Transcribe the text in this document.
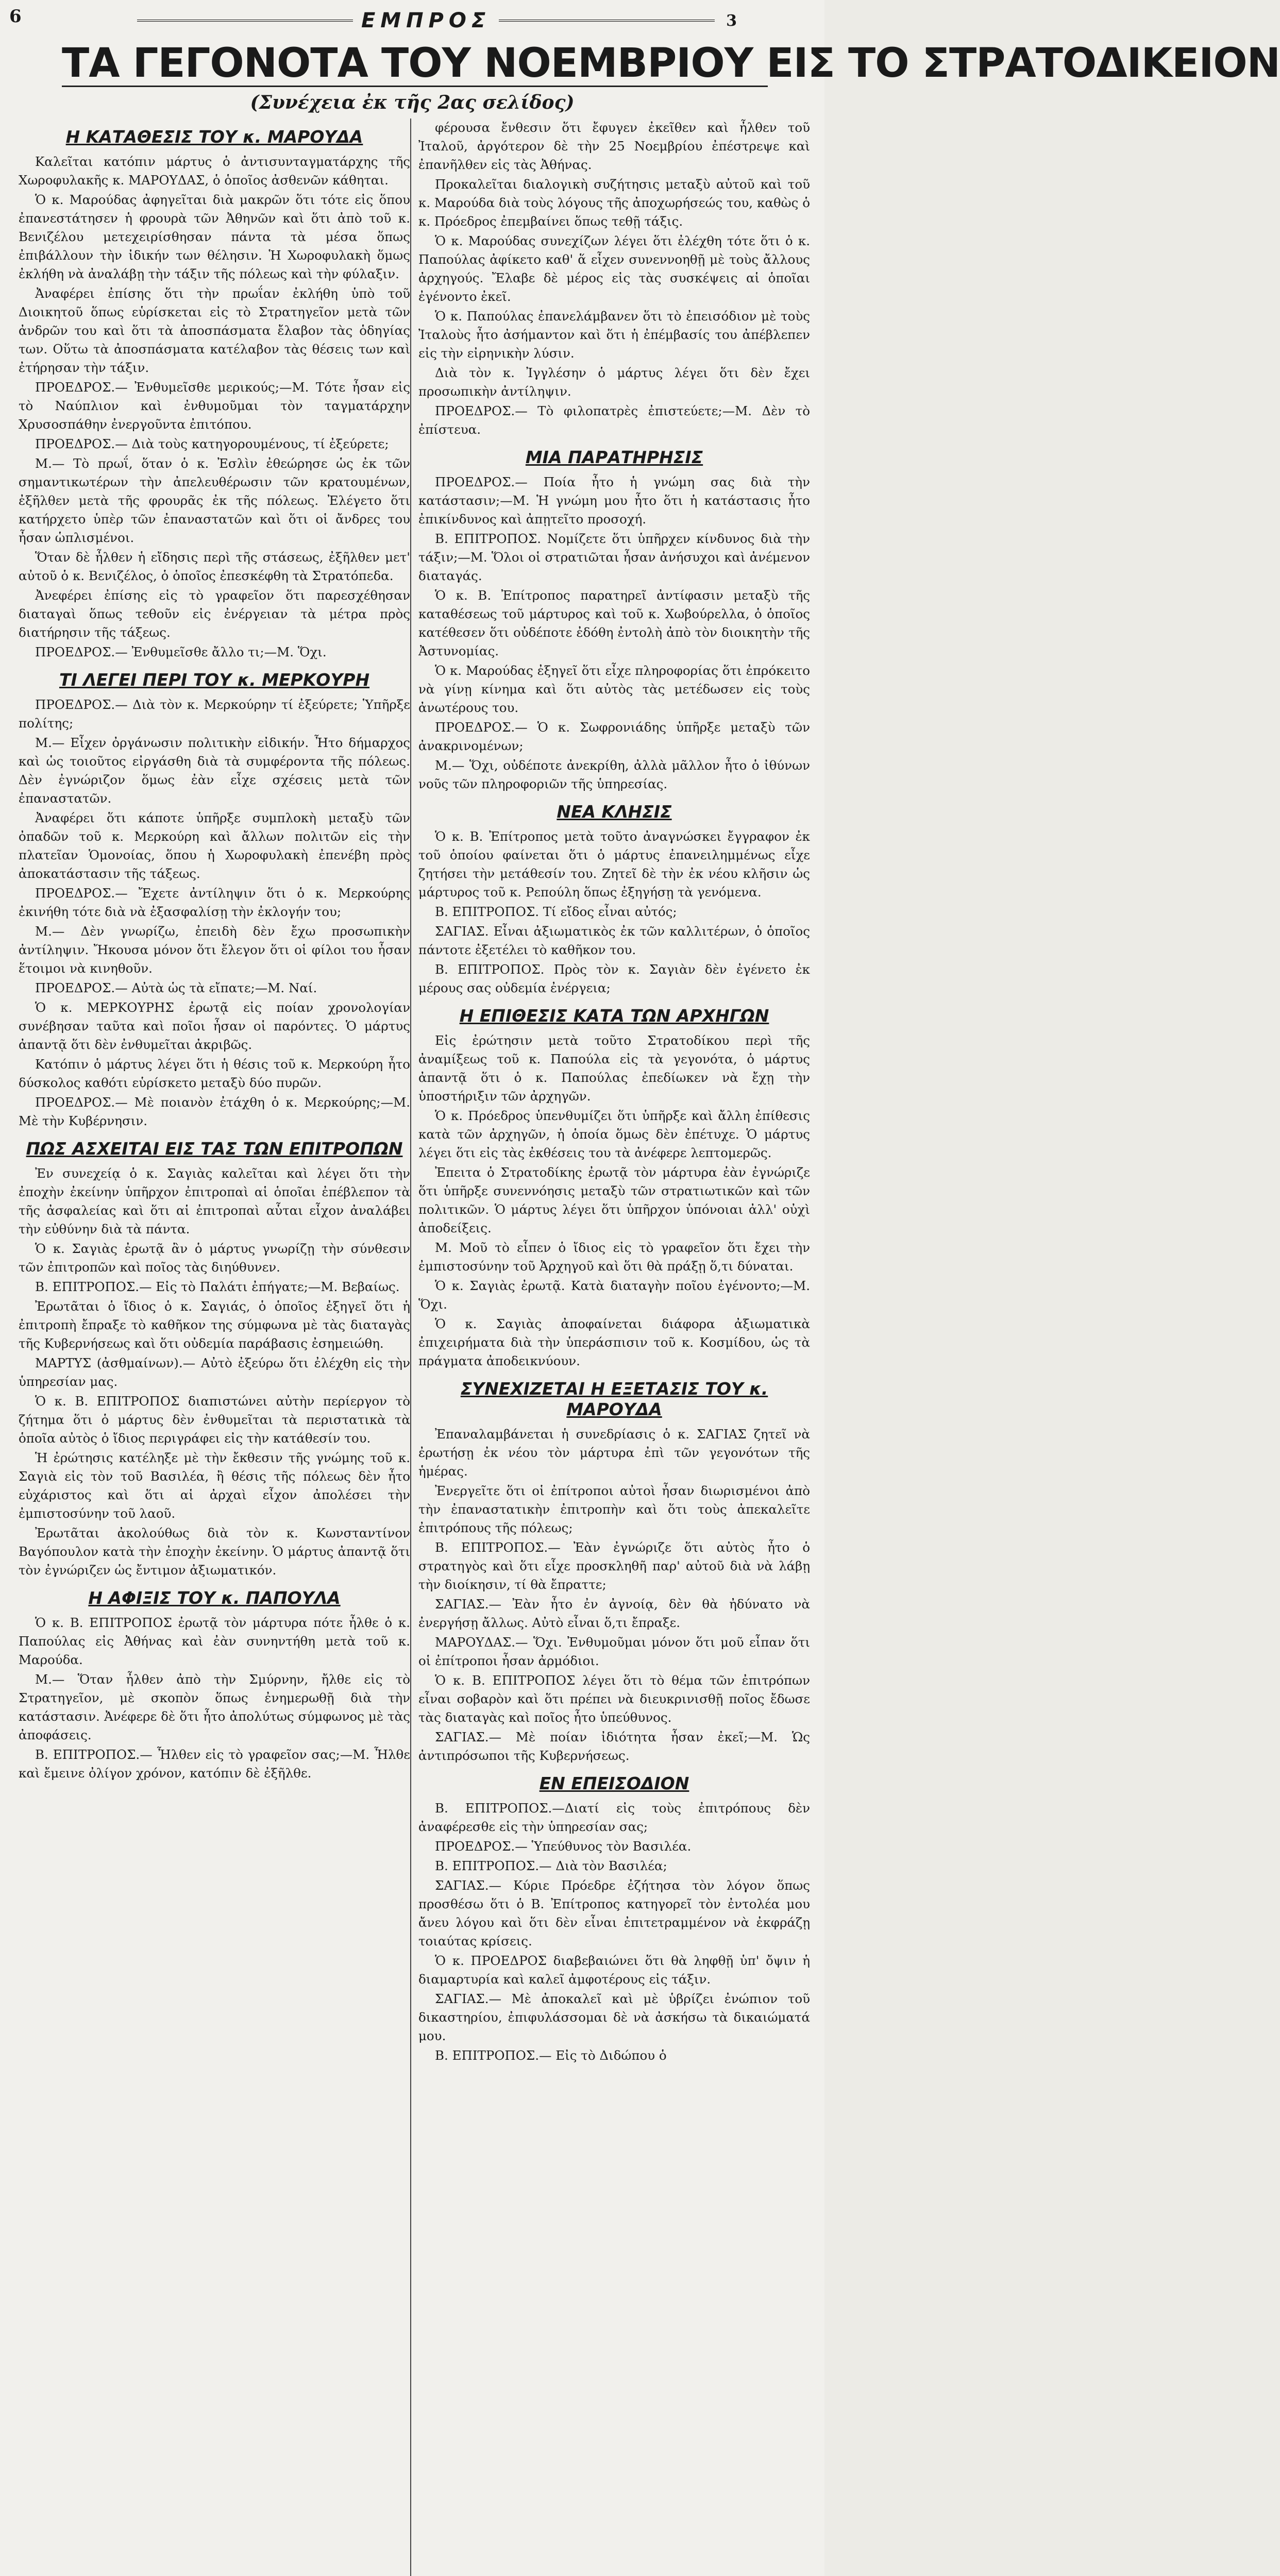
6	ΕΜΠΡΟΣ	3
ΤΑ ΓΕΓΟΝΟΤΑ ΤΟΥ ΝΟΕΜΒΡΙΟΥ ΕΙΣ ΤΟ ΣΤΡΑΤΟΔΙΚΕΙΟΝ
(Συνέχεια ἐκ τῆς 2ας σελίδος)
Η ΚΑΤΑΘΕΣΙΣ ΤΟΥ κ. ΜΑΡΟΥΔΑ

Καλεῖται κατόπιν μάρτυς ὁ ἀντισυνταγματάρχης τῆς Χωροφυλακῆς κ. ΜΑΡΟΥΔΑΣ, ὁ ὁποῖος ἀσθενῶν κάθηται.

Ὁ κ. Μαρούδας ἀφηγεῖται διὰ μακρῶν ὅτι τότε εἰς ὅπου ἐπανεστάτησεν ἡ φρουρὰ τῶν Ἀθηνῶν καὶ ὅτι ἀπὸ τοῦ κ. Βενιζέλου μετεχειρίσθησαν πάντα τὰ μέσα ὅπως ἐπιβάλλουν τὴν ἰδικήν των θέλησιν. Ἡ Χωροφυλακὴ ὅμως ἐκλήθη νὰ ἀναλάβῃ τὴν τάξιν τῆς πόλεως καὶ τὴν φύλαξιν.

Ἀναφέρει ἐπίσης ὅτι τὴν πρωΐαν ἐκλήθη ὑπὸ τοῦ Διοικητοῦ ὅπως εὑρίσκεται εἰς τὸ Στρατηγεῖον μετὰ τῶν ἀνδρῶν του καὶ ὅτι τὰ ἀποσπάσματα ἔλαβον τὰς ὁδηγίας των. Οὕτω τὰ ἀποσπάσματα κατέλαβον τὰς θέσεις των καὶ ἐτήρησαν τὴν τάξιν.

ΠΡΟΕΔΡΟΣ.— Ἐνθυμεῖσθε μερικούς;—Μ. Τότε ἦσαν εἰς τὸ Ναύπλιον καὶ ἐνθυμοῦμαι τὸν ταγματάρχην Χρυσοσπάθην ἐνεργοῦντα ἐπιτόπου.

ΠΡΟΕΔΡΟΣ.— Διὰ τοὺς κατηγορουμένους, τί ἐξεύρετε;

Μ.— Τὸ πρωΐ, ὅταν ὁ κ. Ἐσλὶν ἐθεώρησε ὡς ἐκ τῶν σημαντικωτέρων τὴν ἀπελευθέρωσιν τῶν κρατουμένων, ἐξῆλθεν μετὰ τῆς φρουρᾶς ἐκ τῆς πόλεως. Ἐλέγετο ὅτι κατήρχετο ὑπὲρ τῶν ἐπαναστατῶν καὶ ὅτι οἱ ἄνδρες του ἦσαν ὡπλισμένοι.

Ὅταν δὲ ἦλθεν ἡ εἴδησις περὶ τῆς στάσεως, ἐξῆλθεν μετ' αὐτοῦ ὁ κ. Βενιζέλος, ὁ ὁποῖος ἐπεσκέφθη τὰ Στρατόπεδα.

Ἀνεφέρει ἐπίσης εἰς τὸ γραφεῖον ὅτι παρεσχέθησαν διαταγαὶ ὅπως τεθοῦν εἰς ἐνέργειαν τὰ μέτρα πρὸς διατήρησιν τῆς τάξεως.

ΠΡΟΕΔΡΟΣ.— Ἐνθυμεῖσθε ἄλλο τι;—Μ. Ὅχι.

ΤΙ ΛΕΓΕΙ ΠΕΡΙ ΤΟΥ κ. ΜΕΡΚΟΥΡΗ

ΠΡΟΕΔΡΟΣ.— Διὰ τὸν κ. Μερκούρην τί ἐξεύρετε; Ὑπῆρξε πολίτης;

Μ.— Εἶχεν ὀργάνωσιν πολιτικὴν εἰδικήν. Ἦτο δήμαρχος καὶ ὡς τοιοῦτος εἰργάσθη διὰ τὰ συμφέροντα τῆς πόλεως. Δὲν ἐγνώριζον ὅμως ἐὰν εἶχε σχέσεις μετὰ τῶν ἐπαναστατῶν.

Ἀναφέρει ὅτι κάποτε ὑπῆρξε συμπλοκὴ μεταξὺ τῶν ὀπαδῶν τοῦ κ. Μερκούρη καὶ ἄλλων πολιτῶν εἰς τὴν πλατεῖαν Ὁμονοίας, ὅπου ἡ Χωροφυλακὴ ἐπενέβη πρὸς ἀποκατάστασιν τῆς τάξεως.

ΠΡΟΕΔΡΟΣ.— Ἔχετε ἀντίληψιν ὅτι ὁ κ. Μερκούρης ἐκινήθη τότε διὰ νὰ ἐξασφαλίσῃ τὴν ἐκλογήν του;

Μ.— Δὲν γνωρίζω, ἐπειδὴ δὲν ἔχω προσωπικὴν ἀντίληψιν. Ἤκουσα μόνον ὅτι ἔλεγον ὅτι οἱ φίλοι του ἦσαν ἕτοιμοι νὰ κινηθοῦν.

ΠΡΟΕΔΡΟΣ.— Αὐτὰ ὡς τὰ εἴπατε;—Μ. Ναί.

Ὁ κ. ΜΕΡΚΟΥΡΗΣ ἐρωτᾷ εἰς ποίαν χρονολογίαν συνέβησαν ταῦτα καὶ ποῖοι ἦσαν οἱ παρόντες. Ὁ μάρτυς ἀπαντᾷ ὅτι δὲν ἐνθυμεῖται ἀκριβῶς.

Κατόπιν ὁ μάρτυς λέγει ὅτι ἡ θέσις τοῦ κ. Μερκούρη ἦτο δύσκολος καθότι εὑρίσκετο μεταξὺ δύο πυρῶν.

ΠΡΟΕΔΡΟΣ.— Μὲ ποιανὸν ἐτάχθη ὁ κ. Μερκούρης;—Μ. Μὲ τὴν Κυβέρνησιν.

ΠΩΣ ΑΣΧΕΙΤΑΙ ΕΙΣ ΤΑΣ ΤΩΝ ΕΠΙΤΡΟΠΩΝ

Ἐν συνεχείᾳ ὁ κ. Σαγιὰς καλεῖται καὶ λέγει ὅτι τὴν ἐποχὴν ἐκείνην ὑπῆρχον ἐπιτροπαὶ αἱ ὁποῖαι ἐπέβλεπον τὰ τῆς ἀσφαλείας καὶ ὅτι αἱ ἐπιτροπαὶ αὗται εἶχον ἀναλάβει τὴν εὐθύνην διὰ τὰ πάντα.

Ὁ κ. Σαγιὰς ἐρωτᾷ ἂν ὁ μάρτυς γνωρίζῃ τὴν σύνθεσιν τῶν ἐπιτροπῶν καὶ ποῖος τὰς διηύθυνεν.

Β. ΕΠΙΤΡΟΠΟΣ.— Εἰς τὸ Παλάτι ἐπήγατε;—Μ. Βεβαίως.

Ἐρωτᾶται ὁ ἴδιος ὁ κ. Σαγιάς, ὁ ὁποῖος ἐξηγεῖ ὅτι ἡ ἐπιτροπὴ ἔπραξε τὸ καθῆκον της σύμφωνα μὲ τὰς διαταγὰς τῆς Κυβερνήσεως καὶ ὅτι οὐδεμία παράβασις ἐσημειώθη.

ΜΑΡΤΥΣ (ἀσθμαίνων).— Αὐτὸ ἐξεύρω ὅτι ἐλέχθη εἰς τὴν ὑπηρεσίαν μας.

Ὁ κ. Β. ΕΠΙΤΡΟΠΟΣ διαπιστώνει αὐτὴν περίεργον τὸ ζήτημα ὅτι ὁ μάρτυς δὲν ἐνθυμεῖται τὰ περιστατικὰ τὰ ὁποῖα αὐτὸς ὁ ἴδιος περιγράφει εἰς τὴν κατάθεσίν του.

Ἡ ἐρώτησις κατέληξε μὲ τὴν ἔκθεσιν τῆς γνώμης τοῦ κ. Σαγιὰ εἰς τὸν τοῦ Βασιλέα, ἢ θέσις τῆς πόλεως δὲν ἦτο εὐχάριστος καὶ ὅτι αἱ ἀρχαὶ εἶχον ἀπολέσει τὴν ἐμπιστοσύνην τοῦ λαοῦ.

Ἐρωτᾶται ἀκολούθως διὰ τὸν κ. Κωνσταντίνον Βαγόπουλον κατὰ τὴν ἐποχὴν ἐκείνην. Ὁ μάρτυς ἀπαντᾷ ὅτι τὸν ἐγνώριζεν ὡς ἔντιμον ἀξιωματικόν.

Η ΑΦΙΞΙΣ ΤΟΥ κ. ΠΑΠΟΥΛΑ

Ὁ κ. Β. ΕΠΙΤΡΟΠΟΣ ἐρωτᾷ τὸν μάρτυρα πότε ἦλθε ὁ κ. Παπούλας εἰς Ἀθήνας καὶ ἐὰν συνηντήθη μετὰ τοῦ κ. Μαρούδα.

Μ.— Ὅταν ἦλθεν ἀπὸ τὴν Σμύρνην, ἤλθε εἰς τὸ Στρατηγεῖον, μὲ σκοπὸν ὅπως ἐνημερωθῇ διὰ τὴν κατάστασιν. Ἀνέφερε δὲ ὅτι ἦτο ἀπολύτως σύμφωνος μὲ τὰς ἀποφάσεις.

Β. ΕΠΙΤΡΟΠΟΣ.— Ἦλθεν εἰς τὸ γραφεῖον σας;—Μ. Ἦλθε καὶ ἔμεινε ὀλίγον χρόνον, κατόπιν δὲ ἐξῆλθε.

φέρουσα ἔνθεσιν ὅτι ἔφυγεν ἐκεῖθεν καὶ ἦλθεν τοῦ Ἰταλοῦ, ἀργότερον δὲ τὴν 25 Νοεμβρίου ἐπέστρεψε καὶ ἐπανῆλθεν εἰς τὰς Ἀθήνας.

Προκαλεῖται διαλογικὴ συζήτησις μεταξὺ αὐτοῦ καὶ τοῦ κ. Μαρούδα διὰ τοὺς λόγους τῆς ἀποχωρήσεώς του, καθὼς ὁ κ. Πρόεδρος ἐπεμβαίνει ὅπως τεθῇ τάξις.

Ὁ κ. Μαρούδας συνεχίζων λέγει ὅτι ἐλέχθη τότε ὅτι ὁ κ. Παπούλας ἀφίκετο καθ' ἅ εἶχεν συνεννοηθῇ μὲ τοὺς ἄλλους ἀρχηγούς. Ἔλαβε δὲ μέρος εἰς τὰς συσκέψεις αἱ ὁποῖαι ἐγένοντο ἐκεῖ.

Ὁ κ. Παπούλας ἐπανελάμβανεν ὅτι τὸ ἐπεισόδιον μὲ τοὺς Ἰταλοὺς ἦτο ἀσήμαντον καὶ ὅτι ἡ ἐπέμβασίς του ἀπέβλεπεν εἰς τὴν εἰρηνικὴν λύσιν.

Διὰ τὸν κ. Ἰγγλέσην ὁ μάρτυς λέγει ὅτι δὲν ἔχει προσωπικὴν ἀντίληψιν.

ΠΡΟΕΔΡΟΣ.— Τὸ φιλοπατρὲς ἐπιστεύετε;—Μ. Δὲν τὸ ἐπίστευα.

ΜΙΑ ΠΑΡΑΤΗΡΗΣΙΣ

ΠΡΟΕΔΡΟΣ.— Ποία ἦτο ἡ γνώμη σας διὰ τὴν κατάστασιν;—Μ. Ἡ γνώμη μου ἦτο ὅτι ἡ κατάστασις ἦτο ἐπικίνδυνος καὶ ἀπῃτεῖτο προσοχή.

Β. ΕΠΙΤΡΟΠΟΣ. Νομίζετε ὅτι ὑπῆρχεν κίνδυνος διὰ τὴν τάξιν;—Μ. Ὅλοι οἱ στρατιῶται ἦσαν ἀνήσυχοι καὶ ἀνέμενον διαταγάς.

Ὁ κ. Β. Ἐπίτροπος παρατηρεῖ ἀντίφασιν μεταξὺ τῆς καταθέσεως τοῦ μάρτυρος καὶ τοῦ κ. Χωβούρελλα, ὁ ὁποῖος κατέθεσεν ὅτι οὐδέποτε ἐδόθη ἐντολὴ ἀπὸ τὸν διοικητὴν τῆς Ἀστυνομίας.

Ὁ κ. Μαρούδας ἐξηγεῖ ὅτι εἶχε πληροφορίας ὅτι ἐπρόκειτο νὰ γίνῃ κίνημα καὶ ὅτι αὐτὸς τὰς μετέδωσεν εἰς τοὺς ἀνωτέρους του.

ΠΡΟΕΔΡΟΣ.— Ὁ κ. Σωφρονιάδης ὑπῆρξε μεταξὺ τῶν ἀνακρινομένων;

Μ.— Ὅχι, οὐδέποτε ἀνεκρίθη, ἀλλὰ μᾶλλον ἦτο ὁ ἰθύνων νοῦς τῶν πληροφοριῶν τῆς ὑπηρεσίας.

ΝΕΑ ΚΛΗΣΙΣ

Ὁ κ. Β. Ἐπίτροπος μετὰ τοῦτο ἀναγνώσκει ἔγγραφον ἐκ τοῦ ὁποίου φαίνεται ὅτι ὁ μάρτυς ἐπανειλημμένως εἶχε ζητήσει τὴν μετάθεσίν του. Ζητεῖ δὲ τὴν ἐκ νέου κλῆσιν ὡς μάρτυρος τοῦ κ. Ρεπούλη ὅπως ἐξηγήσῃ τὰ γενόμενα.

Β. ΕΠΙΤΡΟΠΟΣ. Τί εἴδος εἶναι αὐτός;

ΣΑΓΙΑΣ. Εἶναι ἀξιωματικὸς ἐκ τῶν καλλιτέρων, ὁ ὁποῖος πάντοτε ἐξετέλει τὸ καθῆκον του.

Β. ΕΠΙΤΡΟΠΟΣ. Πρὸς τὸν κ. Σαγιὰν δὲν ἐγένετο ἐκ μέρους σας οὐδεμία ἐνέργεια;

Η ΕΠΙΘΕΣΙΣ ΚΑΤΑ ΤΩΝ ΑΡΧΗΓΩΝ

Εἰς ἐρώτησιν μετὰ τοῦτο Στρατοδίκου περὶ τῆς ἀναμίξεως τοῦ κ. Παπούλα εἰς τὰ γεγονότα, ὁ μάρτυς ἀπαντᾷ ὅτι ὁ κ. Παπούλας ἐπεδίωκεν νὰ ἔχῃ τὴν ὑποστήριξιν τῶν ἀρχηγῶν.

Ὁ κ. Πρόεδρος ὑπενθυμίζει ὅτι ὑπῆρξε καὶ ἄλλη ἐπίθεσις κατὰ τῶν ἀρχηγῶν, ἡ ὁποία ὅμως δὲν ἐπέτυχε. Ὁ μάρτυς λέγει ὅτι εἰς τὰς ἐκθέσεις του τὰ ἀνέφερε λεπτομερῶς.

Ἐπειτα ὁ Στρατοδίκης ἐρωτᾷ τὸν μάρτυρα ἐὰν ἐγνώριζε ὅτι ὑπῆρξε συνεννόησις μεταξὺ τῶν στρατιωτικῶν καὶ τῶν πολιτικῶν. Ὁ μάρτυς λέγει ὅτι ὑπῆρχον ὑπόνοιαι ἀλλ' οὐχὶ ἀποδείξεις.

Μ. Μοῦ τὸ εἶπεν ὁ ἴδιος εἰς τὸ γραφεῖον ὅτι ἔχει τὴν ἐμπιστοσύνην τοῦ Ἀρχηγοῦ καὶ ὅτι θὰ πράξῃ ὅ,τι δύναται.

Ὁ κ. Σαγιὰς ἐρωτᾷ. Κατὰ διαταγὴν ποῖου ἐγένοντο;—Μ. Ὅχι.

Ὁ κ. Σαγιὰς ἀποφαίνεται διάφορα ἀξιωματικὰ ἐπιχειρήματα διὰ τὴν ὑπεράσπισιν τοῦ κ. Κοσμίδου, ὡς τὰ πράγματα ἀποδεικνύουν.

ΣΥΝΕΧΙΖΕΤΑΙ Η ΕΞΕΤΑΣΙΣ ΤΟΥ κ. ΜΑΡΟΥΔΑ

Ἐπαναλαμβάνεται ἡ συνεδρίασις ὁ κ. ΣΑΓΙΑΣ ζητεῖ νὰ ἐρωτήσῃ ἐκ νέου τὸν μάρτυρα ἐπὶ τῶν γεγονότων τῆς ἡμέρας.

Ἐνεργεῖτε ὅτι οἱ ἐπίτροποι αὐτοὶ ἦσαν διωρισμένοι ἀπὸ τὴν ἐπαναστατικὴν ἐπιτροπὴν καὶ ὅτι τοὺς ἀπεκαλεῖτε ἐπιτρόπους τῆς πόλεως;

Β. ΕΠΙΤΡΟΠΟΣ.— Ἐὰν ἐγνώριζε ὅτι αὐτὸς ἦτο ὁ στρατηγὸς καὶ ὅτι εἶχε προσκληθῆ παρ' αὐτοῦ διὰ νὰ λάβῃ τὴν διοίκησιν, τί θὰ ἔπραττε;

ΣΑΓΙΑΣ.— Ἐὰν ἦτο ἐν ἀγνοίᾳ, δὲν θὰ ἠδύνατο νὰ ἐνεργήσῃ ἄλλως. Αὐτὸ εἶναι ὅ,τι ἔπραξε.

ΜΑΡΟΥΔΑΣ.— Ὅχι. Ἐνθυμοῦμαι μόνον ὅτι μοῦ εἶπαν ὅτι οἱ ἐπίτροποι ἦσαν ἀρμόδιοι.

Ὁ κ. Β. ΕΠΙΤΡΟΠΟΣ λέγει ὅτι τὸ θέμα τῶν ἐπιτρόπων εἶναι σοβαρὸν καὶ ὅτι πρέπει νὰ διευκρινισθῇ ποῖος ἔδωσε τὰς διαταγὰς καὶ ποῖος ἦτο ὑπεύθυνος.

ΣΑΓΙΑΣ.— Μὲ ποίαν ἰδιότητα ἦσαν ἐκεῖ;—Μ. Ὡς ἀντιπρόσωποι τῆς Κυβερνήσεως.

ΕΝ ΕΠΕΙΣΟΔΙΟΝ

Β. ΕΠΙΤΡΟΠΟΣ.—Διατί εἰς τοὺς ἐπιτρόπους δὲν ἀναφέρεσθε εἰς τὴν ὑπηρεσίαν σας;

ΠΡΟΕΔΡΟΣ.— Ὑπεύθυνος τὸν Βασιλέα.

Β. ΕΠΙΤΡΟΠΟΣ.— Διὰ τὸν Βασιλέα;

ΣΑΓΙΑΣ.— Κύριε Πρόεδρε ἐζήτησα τὸν λόγον ὅπως προσθέσω ὅτι ὁ Β. Ἐπίτροπος κατηγορεῖ τὸν ἐντολέα μου ἄνευ λόγου καὶ ὅτι δὲν εἶναι ἐπιτετραμμένον νὰ ἐκφράζῃ τοιαύτας κρίσεις.

Ὁ κ. ΠΡΟΕΔΡΟΣ διαβεβαιώνει ὅτι θὰ ληφθῇ ὑπ' ὄψιν ἡ διαμαρτυρία καὶ καλεῖ ἀμφοτέρους εἰς τάξιν.

ΣΑΓΙΑΣ.— Μὲ ἀποκαλεῖ καὶ μὲ ὑβρίζει ἐνώπιον τοῦ δικαστηρίου, ἐπιφυλάσσομαι δὲ νὰ ἀσκήσω τὰ δικαιώματά μου.

Β. ΕΠΙΤΡΟΠΟΣ.— Εἰς τὸ Διδώπου ὁ
